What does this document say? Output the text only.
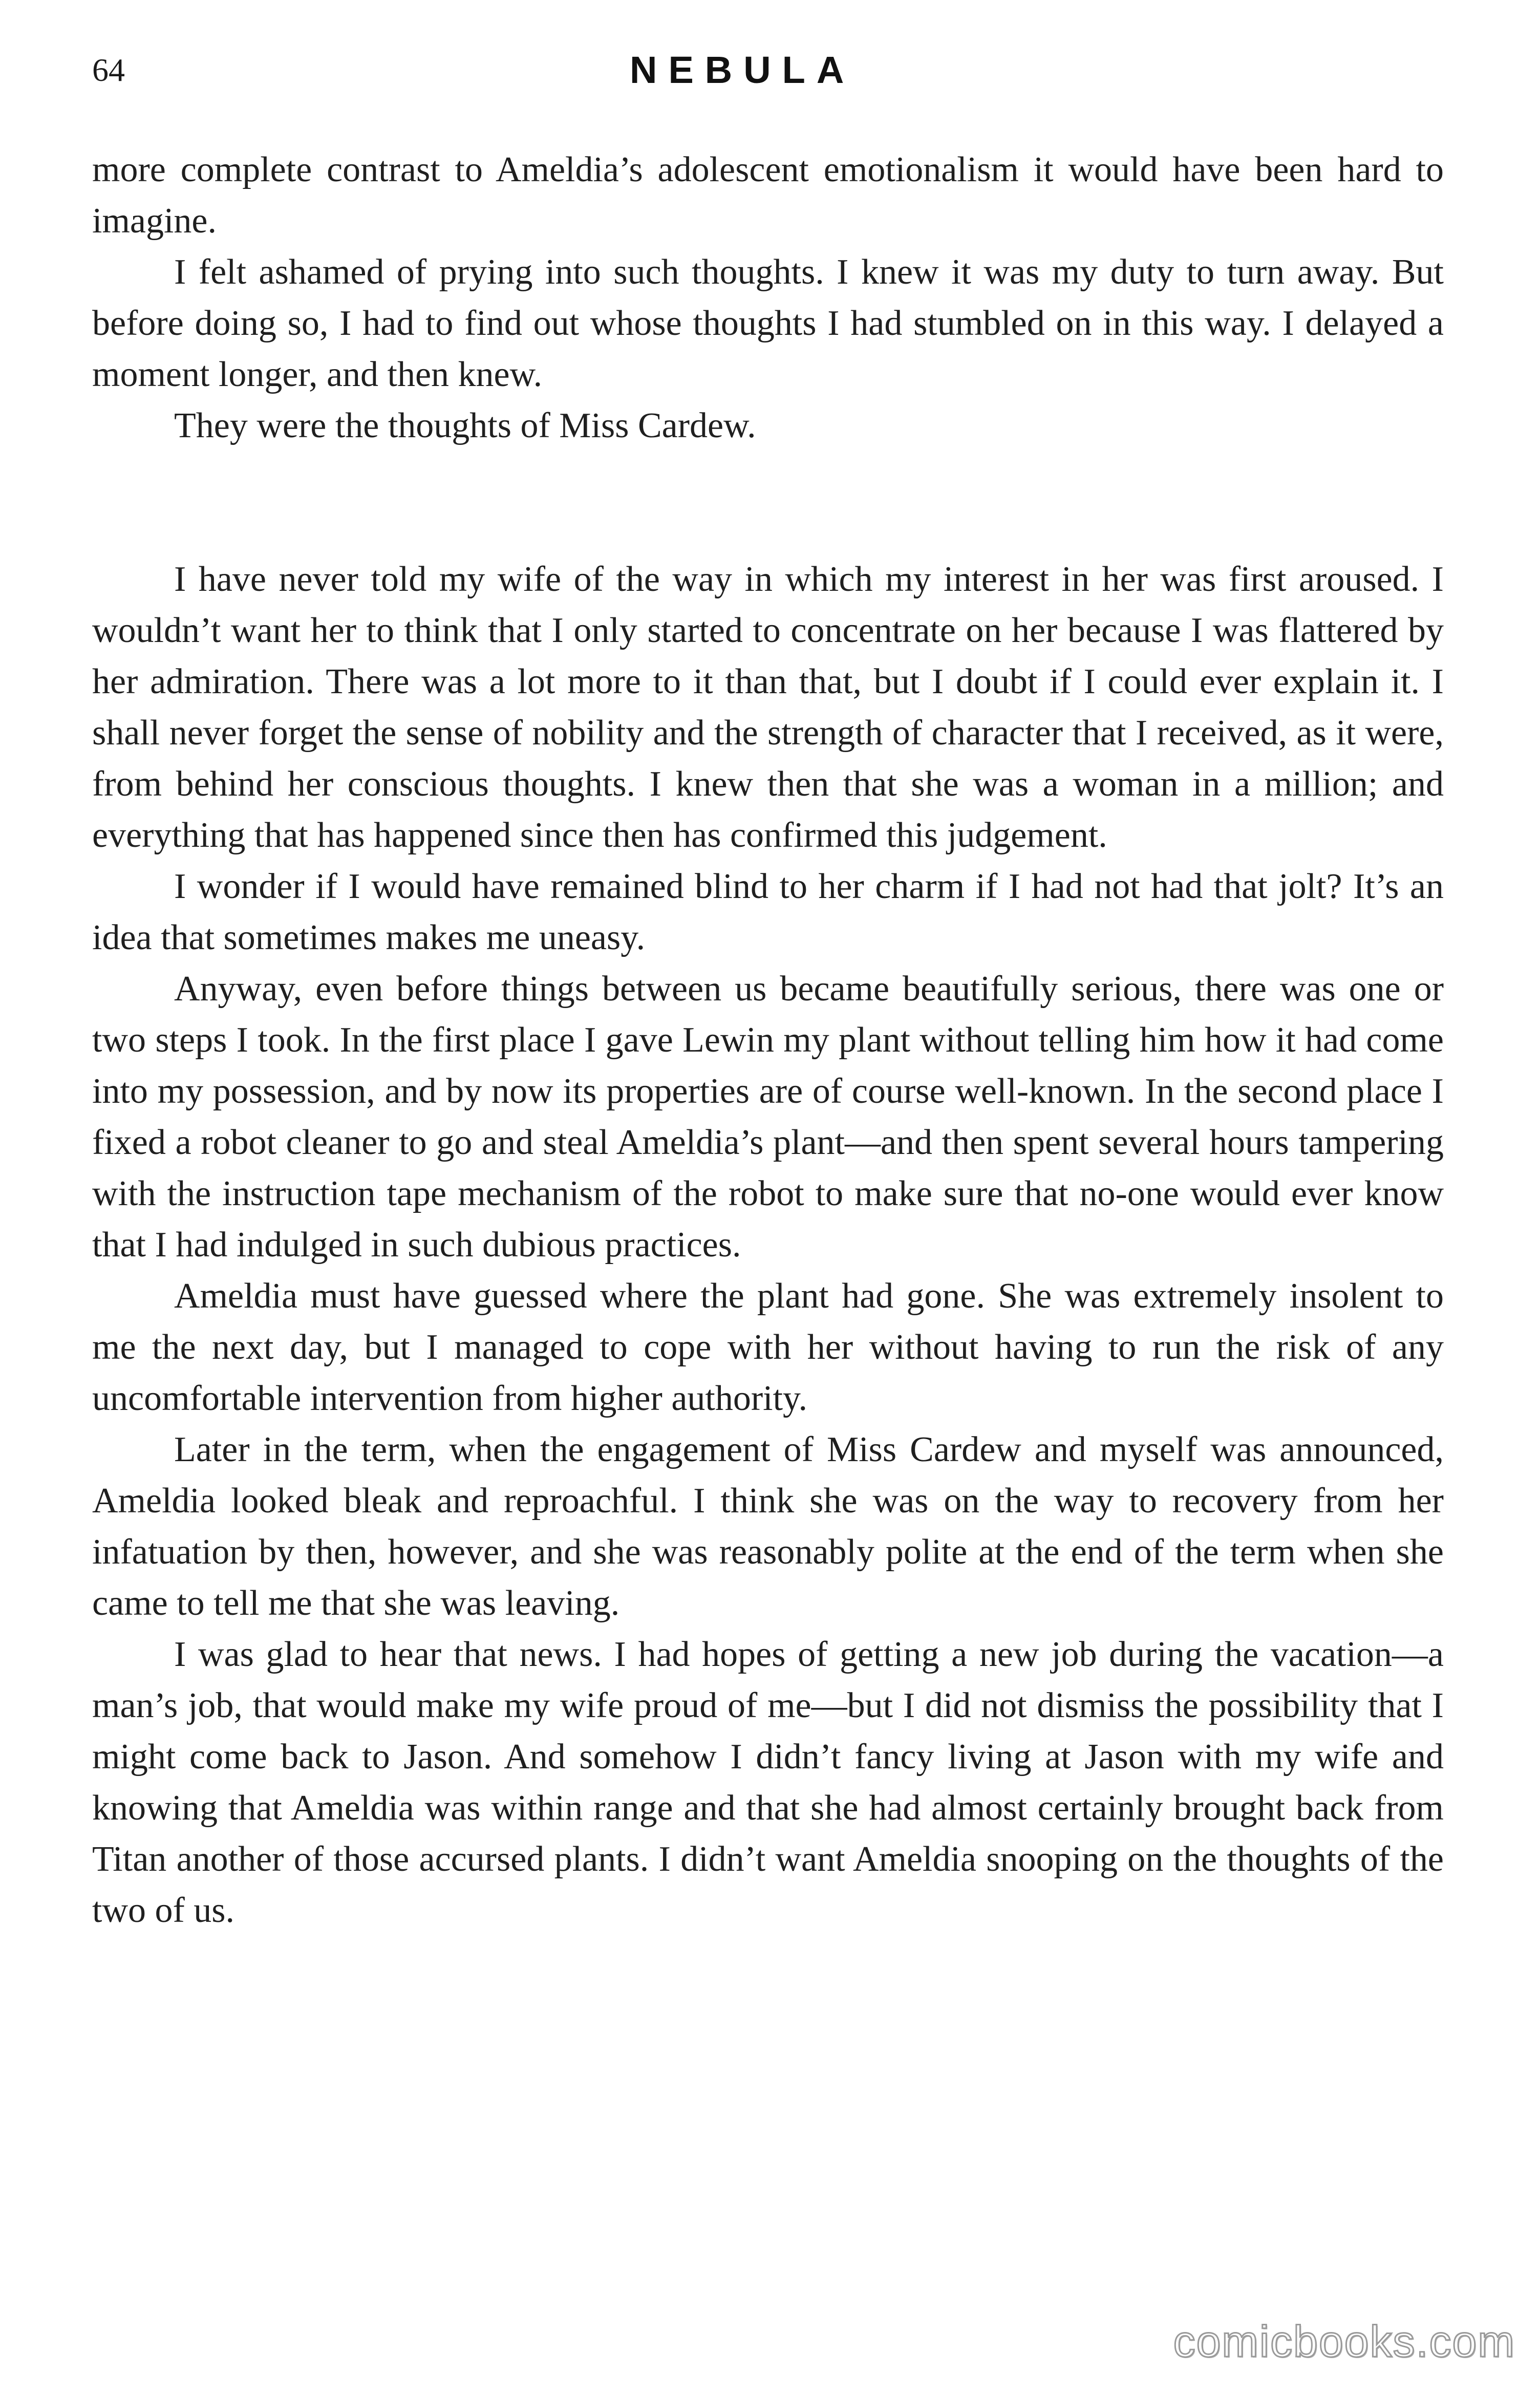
64	NEBULA

more complete contrast to Ameldia’s adolescent emotionalism it would have been hard to imagine.

I felt ashamed of prying into such thoughts. I knew it was my duty to turn away. But before doing so, I had to find out whose thoughts I had stumbled on in this way. I delayed a moment longer, and then knew.

They were the thoughts of Miss Cardew.

I have never told my wife of the way in which my interest in her was first aroused. I wouldn’t want her to think that I only started to concentrate on her because I was flattered by her admiration. There was a lot more to it than that, but I doubt if I could ever explain it. I shall never forget the sense of nobility and the strength of character that I received, as it were, from behind her conscious thoughts. I knew then that she was a woman in a million; and everything that has happened since then has confirmed this judgement.

I wonder if I would have remained blind to her charm if I had not had that jolt? It’s an idea that sometimes makes me uneasy.

Anyway, even before things between us became beautifully serious, there was one or two steps I took. In the first place I gave Lewin my plant without telling him how it had come into my possession, and by now its properties are of course well-known. In the second place I fixed a robot cleaner to go and steal Ameldia’s plant—and then spent several hours tampering with the instruction tape mechanism of the robot to make sure that no-one would ever know that I had indulged in such dubious practices.

Ameldia must have guessed where the plant had gone. She was extremely insolent to me the next day, but I managed to cope with her without having to run the risk of any uncomfortable intervention from higher authority.

Later in the term, when the engagement of Miss Cardew and myself was announced, Ameldia looked bleak and reproachful. I think she was on the way to recovery from her infatuation by then, however, and she was reasonably polite at the end of the term when she came to tell me that she was leaving.

I was glad to hear that news. I had hopes of getting a new job during the vacation—a man’s job, that would make my wife proud of me—but I did not dismiss the possibility that I might come back to Jason. And somehow I didn’t fancy living at Jason with my wife and knowing that Ameldia was within range and that she had almost certainly brought back from Titan another of those accursed plants. I didn’t want Ameldia snooping on the thoughts of the two of us.

comicbooks.com
